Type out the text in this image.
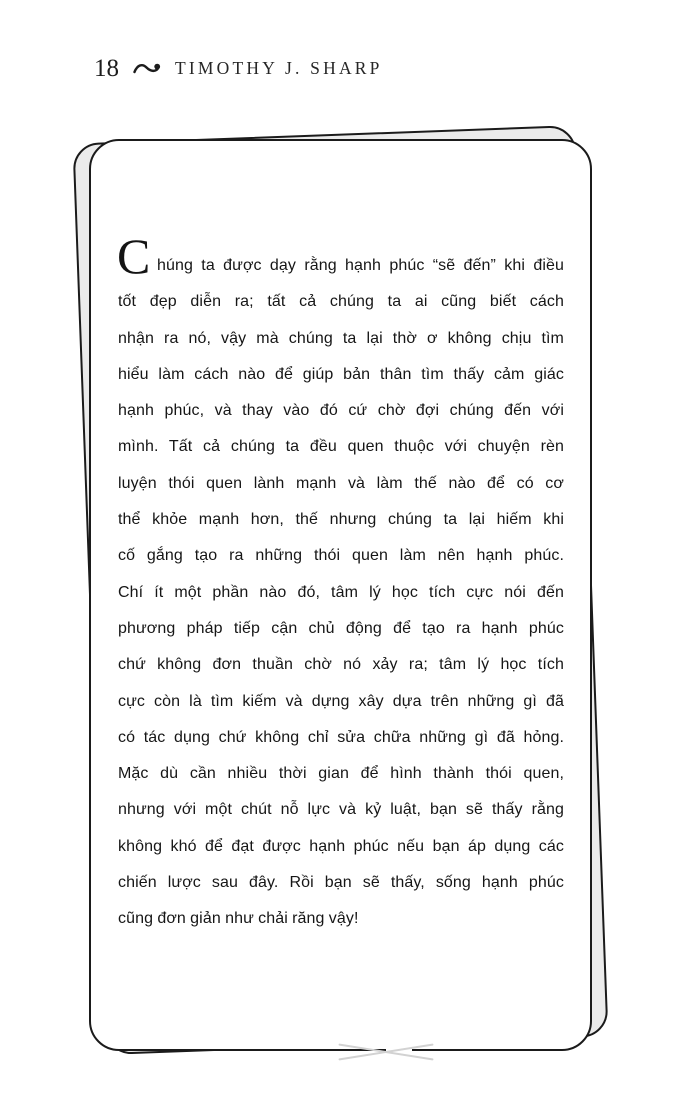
18	TIMOTHY J. SHARP
C húng ta được dạy rằng hạnh phúc “sẽ đến” khi điều
tốt đẹp diễn ra; tất cả chúng ta ai cũng biết cách
nhận ra nó, vậy mà chúng ta lại thờ ơ không chịu tìm
hiểu làm cách nào để giúp bản thân tìm thấy cảm giác
hạnh phúc, và thay vào đó cứ chờ đợi chúng đến với
mình. Tất cả chúng ta đều quen thuộc với chuyện rèn
luyện thói quen lành mạnh và làm thế nào để có cơ
thể khỏe mạnh hơn, thế nhưng chúng ta lại hiếm khi
cố gắng tạo ra những thói quen làm nên hạnh phúc.
Chí ít một phần nào đó, tâm lý học tích cực nói đến
phương pháp tiếp cận chủ động để tạo ra hạnh phúc
chứ không đơn thuần chờ nó xảy ra; tâm lý học tích
cực còn là tìm kiếm và dựng xây dựa trên những gì đã
có tác dụng chứ không chỉ sửa chữa những gì đã hỏng.
Mặc dù cần nhiều thời gian để hình thành thói quen,
nhưng với một chút nỗ lực và kỷ luật, bạn sẽ thấy rằng
không khó để đạt được hạnh phúc nếu bạn áp dụng các
chiến lược sau đây. Rồi bạn sẽ thấy, sống hạnh phúc
cũng đơn giản như chải răng vậy!
